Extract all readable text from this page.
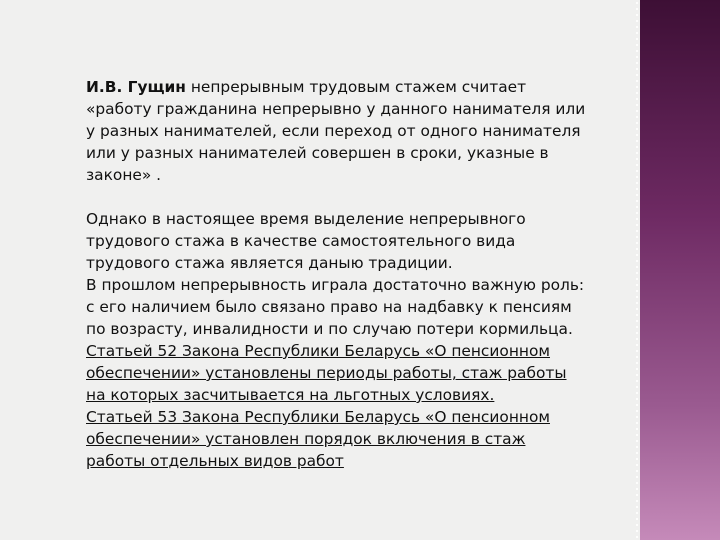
И.В. Гущин непрерывным трудовым стажем считает «работу гражданина непрерывно у данного нанимателя или у разных нанимателей, если переход от одного нанимателя или у разных нанимателей совершен в сроки, указные в законе» .

Однако в настоящее время выделение непрерывного трудового стажа в качестве самостоятельного вида трудового стажа является даныю традиции.

В прошлом непрерывность играла достаточно важную роль: с его наличием было связано право на надбавку к пенсиям по возрасту, инвалидности и по случаю потери кормильца.

Статьей 52 Закона Республики Беларусь «О пенсионном обеспечении» установлены периоды работы, стаж работы на которых засчитывается на льготных условиях.

Статьей 53 Закона Республики Беларусь «О пенсионном обеспечении» установлен порядок включения в стаж работы отдельных видов работ
